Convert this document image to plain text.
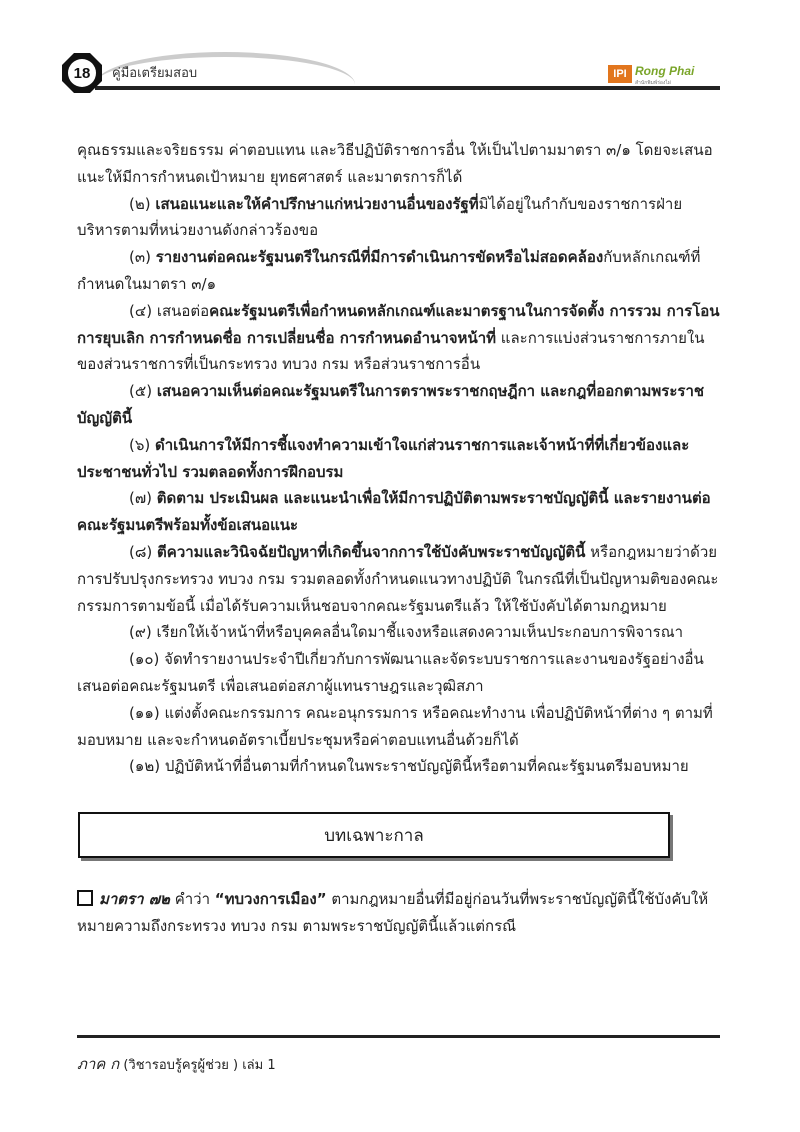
18	คู่มือเตรียมสอบ	IPI Rong Phai
สำนักพิมพ์ร่องไผ่

คุณธรรมและจริยธรรม ค่าตอบแทน และวิธีปฏิบัติราชการอื่น ให้เป็นไปตามมาตรา ๓/๑ โดยจะเสนอแนะให้มีการกำหนดเป้าหมาย ยุทธศาสตร์ และมาตรการก็ได้

(๒) เสนอแนะและให้คำปรึกษาแก่หน่วยงานอื่นของรัฐที่มิได้อยู่ในกำกับของราชการฝ่ายบริหารตามที่หน่วยงานดังกล่าวร้องขอ

(๓) รายงานต่อคณะรัฐมนตรีในกรณีที่มีการดำเนินการขัดหรือไม่สอดคล้องกับหลักเกณฑ์ที่กำหนดในมาตรา ๓/๑

(๔) เสนอต่อคณะรัฐมนตรีเพื่อกำหนดหลักเกณฑ์และมาตรฐานในการจัดตั้ง การรวม การโอน การยุบเลิก การกำหนดชื่อ การเปลี่ยนชื่อ การกำหนดอำนาจหน้าที่ และการแบ่งส่วนราชการภายในของส่วนราชการที่เป็นกระทรวง ทบวง กรม หรือส่วนราชการอื่น

(๕) เสนอความเห็นต่อคณะรัฐมนตรีในการตราพระราชกฤษฎีกา และกฎที่ออกตามพระราชบัญญัตินี้

(๖) ดำเนินการให้มีการชี้แจงทำความเข้าใจแก่ส่วนราชการและเจ้าหน้าที่ที่เกี่ยวข้องและประชาชนทั่วไป รวมตลอดทั้งการฝึกอบรม

(๗) ติดตาม ประเมินผล และแนะนำเพื่อให้มีการปฏิบัติตามพระราชบัญญัตินี้ และรายงานต่อคณะรัฐมนตรีพร้อมทั้งข้อเสนอแนะ

(๘) ตีความและวินิจฉัยปัญหาที่เกิดขึ้นจากการใช้บังคับพระราชบัญญัตินี้ หรือกฎหมายว่าด้วยการปรับปรุงกระทรวง ทบวง กรม รวมตลอดทั้งกำหนดแนวทางปฏิบัติ ในกรณีที่เป็นปัญหามติของคณะกรรมการตามข้อนี้ เมื่อได้รับความเห็นชอบจากคณะรัฐมนตรีแล้ว ให้ใช้บังคับได้ตามกฎหมาย

(๙) เรียกให้เจ้าหน้าที่หรือบุคคลอื่นใดมาชี้แจงหรือแสดงความเห็นประกอบการพิจารณา

(๑๐) จัดทำรายงานประจำปีเกี่ยวกับการพัฒนาและจัดระบบราชการและงานของรัฐอย่างอื่นเสนอต่อคณะรัฐมนตรี เพื่อเสนอต่อสภาผู้แทนราษฎรและวุฒิสภา

(๑๑) แต่งตั้งคณะกรรมการ คณะอนุกรรมการ หรือคณะทำงาน เพื่อปฏิบัติหน้าที่ต่าง ๆ ตามที่มอบหมาย และจะกำหนดอัตราเบี้ยประชุมหรือค่าตอบแทนอื่นด้วยก็ได้

(๑๒) ปฏิบัติหน้าที่อื่นตามที่กำหนดในพระราชบัญญัตินี้หรือตามที่คณะรัฐมนตรีมอบหมาย

บทเฉพาะกาล
มาตรา ๗๒ คำว่า “ทบวงการเมือง” ตามกฎหมายอื่นที่มีอยู่ก่อนวันที่พระราชบัญญัตินี้ใช้บังคับให้หมายความถึงกระทรวง ทบวง กรม ตามพระราชบัญญัตินี้แล้วแต่กรณี
ภาค ก (วิชารอบรู้ครูผู้ช่วย ) เล่ม 1
